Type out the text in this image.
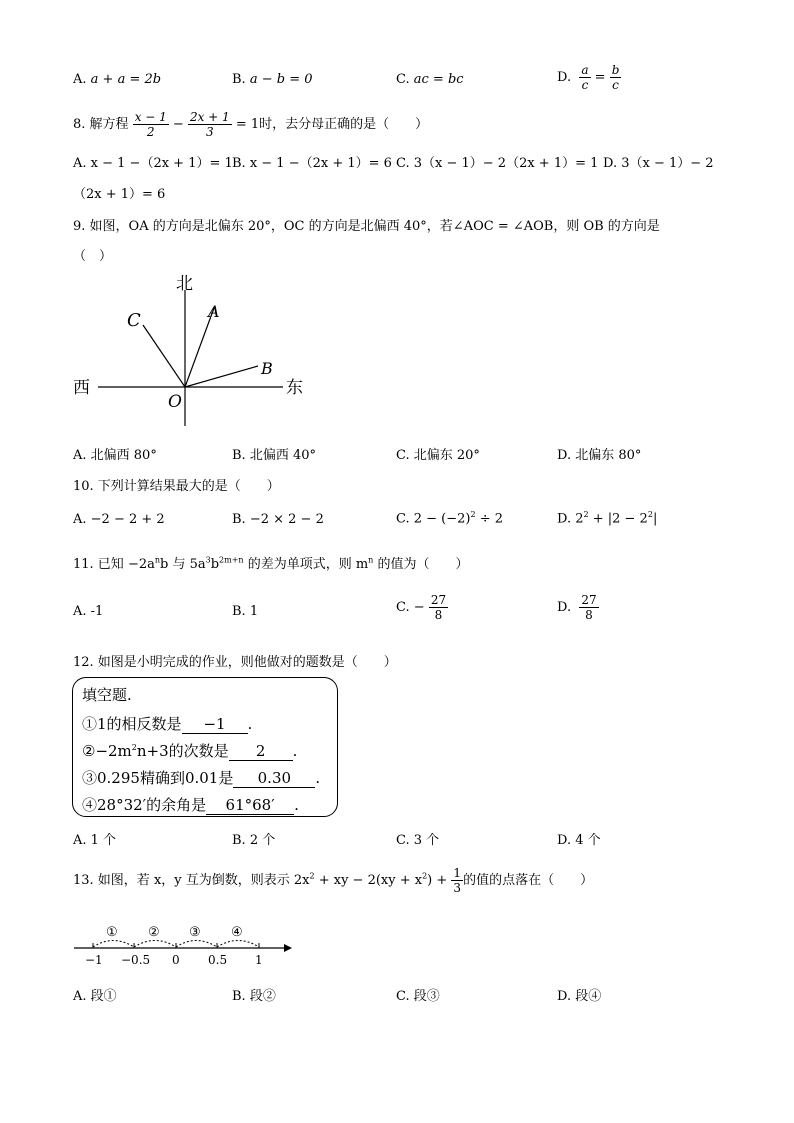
A. a + a = 2b	B. a − b = 0	C. ac = bc	D. $\frac{a}{c} = \frac{b}{c}$
8. 解方程 $\frac{x - 1}{2} - \frac{2x + 1}{3} = 1$时，去分母正确的是（　　）
A. x − 1 −（2x + 1）= 1 B. x − 1 −（2x + 1）= 6 C. 3（x − 1）− 2（2x + 1）= 1 D. 3（x − 1）− 2
（2x + 1）= 6
9. 如图，OA 的方向是北偏东 20°，OC 的方向是北偏西 40°，若∠AOC = ∠AOB，则 OB 的方向是
（　）
北
西	东
A
C
B
O
A. 北偏西 80°	B. 北偏西 40°	C. 北偏东 20°	D. 北偏东 80°
10. 下列计算结果最大的是（　　）
A. −2 − 2 + 2	B. −2 × 2 − 2	C. $2 - (-2)^2 \div 2$	D. $2^2 + |2 - 2^2|$
11. 已知 $-2a^nb$ 与 $5a^3b^{2m+n}$ 的差为单项式，则 $m^n$ 的值为（　　）
A. -1	B. 1	C. − $\frac{27}{8}$	D. $\frac{27}{8}$
12. 如图是小明完成的作业，则他做对的题数是（　　）
填空题.
①1的相反数是 −1 .
$②-2m^2n+3$的次数是 2 .
③0.295精确到0.01是 0.30 .
④28°32′的余角是 61°68′ .
A. 1 个	B. 2 个	C. 3 个	D. 4 个
13. 如图，若 x，y 互为倒数，则表示 $2x^2$ + xy − $2(xy + x^2) + \frac{1}{3}$ 的值的点落在（　　）
① ② ③ ④
−1 −0.5 0 0.5 1
A. 段①	B. 段②	C. 段③	D. 段④
